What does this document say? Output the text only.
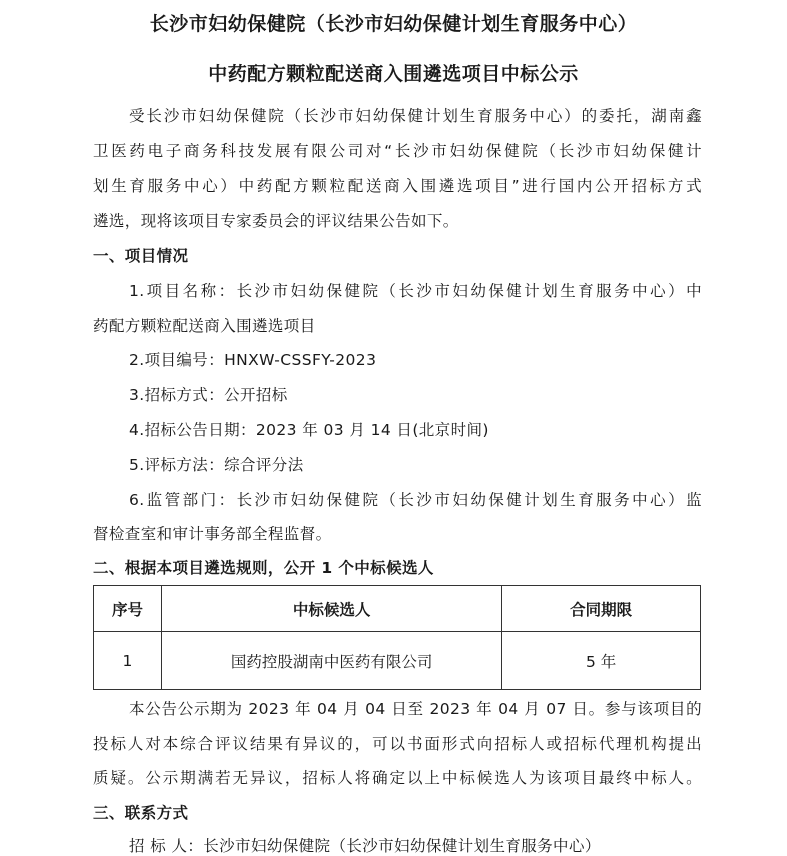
长沙市妇幼保健院（长沙市妇幼保健计划生育服务中心）
中药配方颗粒配送商入围遴选项目中标公示
受长沙市妇幼保健院（长沙市妇幼保健计划生育服务中心）的委托，湖南鑫
卫医药电子商务科技发展有限公司对“长沙市妇幼保健院（长沙市妇幼保健计
划生育服务中心）中药配方颗粒配送商入围遴选项目”进行国内公开招标方式
遴选，现将该项目专家委员会的评议结果公告如下。
一、项目情况
1.项目名称：长沙市妇幼保健院（长沙市妇幼保健计划生育服务中心）中
药配方颗粒配送商入围遴选项目
2.项目编号：HNXW-CSSFY-2023
3.招标方式：公开招标
4.招标公告日期：2023 年 03 月 14 日(北京时间)
5.评标方法：综合评分法
6.监管部门：长沙市妇幼保健院（长沙市妇幼保健计划生育服务中心）监
督检查室和审计事务部全程监督。
二、根据本项目遴选规则，公开 1 个中标候选人
序号	中标候选人	合同期限
1	国药控股湖南中医药有限公司	5 年
本公告公示期为 2023 年 04 月 04 日至 2023 年 04 月 07 日。参与该项目的
投标人对本综合评议结果有异议的，可以书面形式向招标人或招标代理机构提出
质疑。公示期满若无异议，招标人将确定以上中标候选人为该项目最终中标人。
三、联系方式
招 标 人：长沙市妇幼保健院（长沙市妇幼保健计划生育服务中心）
